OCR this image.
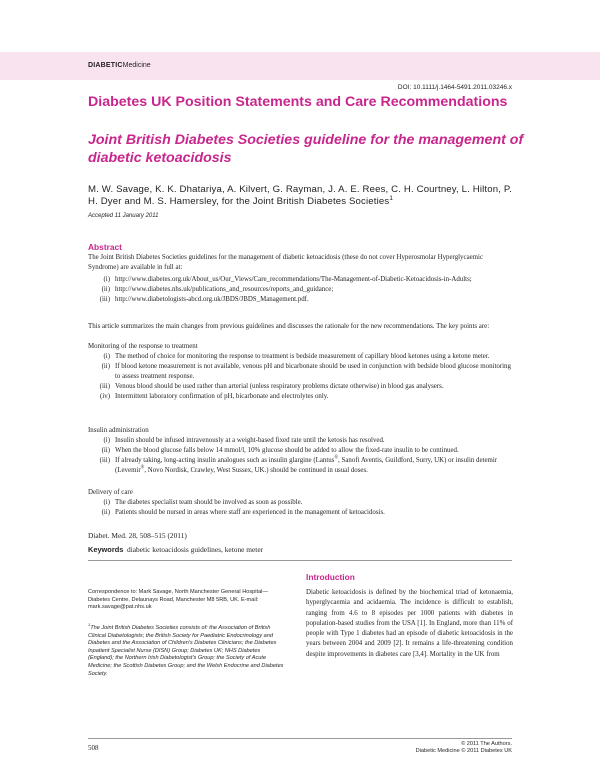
DIABETICMedicine
DOI: 10.1111/j.1464-5491.2011.03246.x
Diabetes UK Position Statements and Care Recommendations
Joint British Diabetes Societies guideline for the management of diabetic ketoacidosis
M. W. Savage, K. K. Dhatariya, A. Kilvert, G. Rayman, J. A. E. Rees, C. H. Courtney, L. Hilton, P. H. Dyer and M. S. Hamersley, for the Joint British Diabetes Societies$^1$
Accepted 11 January 2011
Abstract
The Joint British Diabetes Societies guidelines for the management of diabetic ketoacidosis (these do not cover Hyperosmolar Hyperglycaemic Syndrome) are available in full at:
(i) http://www.diabetes.org.uk/About_us/Our_Views/Care_recommendations/The-Management-of-Diabetic-Ketoacidosis-in-Adults;
(ii) http://www.diabetes.nhs.uk/publications_and_resources/reports_and_guidance;
(iii) http://www.diabetologists-abcd.org.uk/JBDS/JBDS_Management.pdf.
This article summarizes the main changes from previous guidelines and discusses the rationale for the new recommendations. The key points are:
Monitoring of the response to treatment
(i) The method of choice for monitoring the response to treatment is bedside measurement of capillary blood ketones using a ketone meter.
(ii) If blood ketone measurement is not available, venous pH and bicarbonate should be used in conjunction with bedside blood glucose monitoring to assess treatment response.
(iii) Venous blood should be used rather than arterial (unless respiratory problems dictate otherwise) in blood gas analysers.
(iv) Intermittent laboratory confirmation of pH, bicarbonate and electrolytes only.
Insulin administration
(i) Insulin should be infused intravenously at a weight-based fixed rate until the ketosis has resolved.
(ii) When the blood glucose falls below 14 mmol/l, 10% glucose should be added to allow the fixed-rate insulin to be continued.
(iii) If already taking, long-acting insulin analogues such as insulin glargine (Lantus®, Sanofi Aventis, Guildford, Surry, UK) or insulin detemir (Levemir®, Novo Nordisk, Crawley, West Sussex, UK.) should be continued in usual doses.
Delivery of care
(i) The diabetes specialist team should be involved as soon as possible.
(ii) Patients should be nursed in areas where staff are experienced in the management of ketoacidosis.
Diabet. Med. 28, 508–515 (2011)
Keywords diabetic ketoacidosis guidelines, ketone meter
Introduction
Diabetic ketoacidosis is defined by the biochemical triad of ketonaemia, hyperglycaemia and acidaemia. The incidence is difficult to establish, ranging from 4.6 to 8 episodes per 1000 patients with diabetes in population-based studies from the USA [1]. In England, more than 11% of people with Type 1 diabetes had an episode of diabetic ketoacidosis in the years between 2004 and 2009 [2]. It remains a life-threatening condition despite improvements in diabetes care [3,4]. Mortality in the UK from
Correspondence to: Mark Savage, North Manchester General Hospital—Diabetes Centre, Delaunays Road, Manchester M8 5RB, UK. E-mail: mark.savage@pat.nhs.uk
$^1$The Joint British Diabetes Societies consists of: the Association of British Clinical Diabetologists; the British Society for Paediatric Endocrinology and Diabetes and the Association of Children's Diabetes Clinicians; the Diabetes Inpatient Specialist Nurse (DISN) Group; Diabetes UK; NHS Diabetes (England); the Northern Irish Diabetologist's Group; the Society of Acute Medicine; the Scottish Diabetes Group; and the Welsh Endocrine and Diabetes Society.
508	© 2011 The Authors.
Diabetic Medicine © 2011 Diabetes UK
